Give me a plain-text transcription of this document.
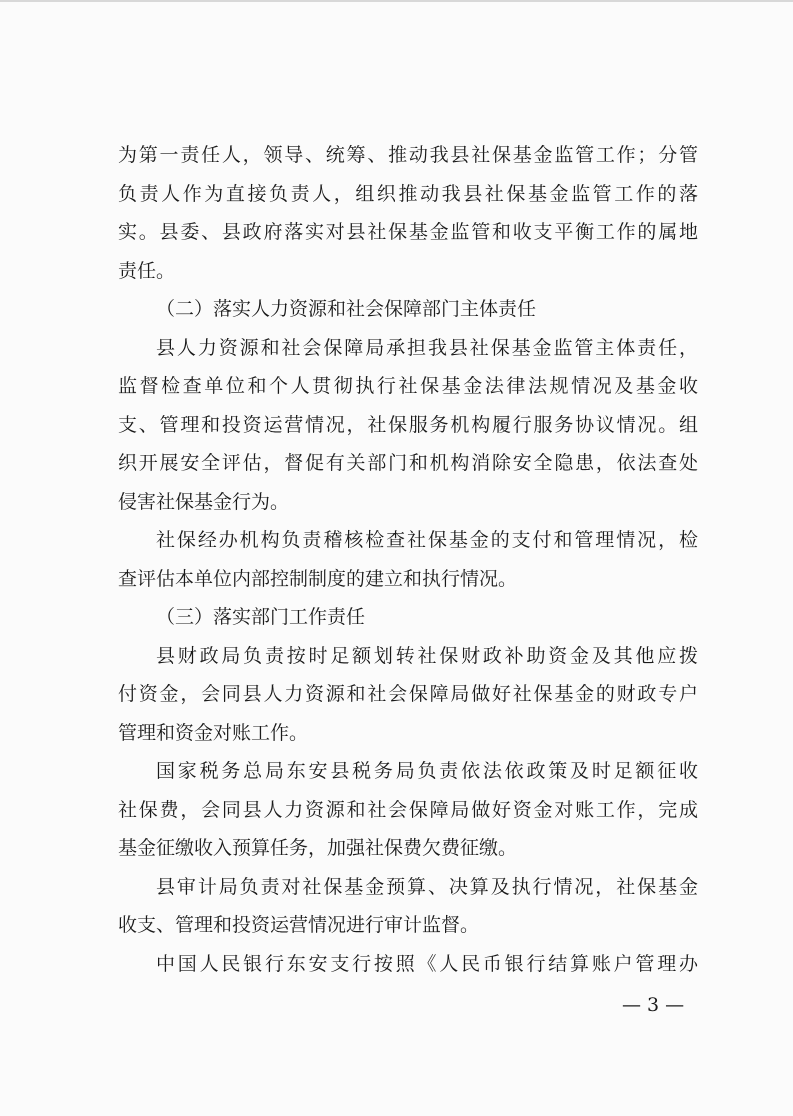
为第一责任人，领导、统筹、推动我县社保基金监管工作；分管
负责人作为直接负责人，组织推动我县社保基金监管工作的落
实。县委、县政府落实对县社保基金监管和收支平衡工作的属地
责任。
（二）落实人力资源和社会保障部门主体责任
县人力资源和社会保障局承担我县社保基金监管主体责任，
监督检查单位和个人贯彻执行社保基金法律法规情况及基金收
支、管理和投资运营情况，社保服务机构履行服务协议情况。组
织开展安全评估，督促有关部门和机构消除安全隐患，依法查处
侵害社保基金行为。
社保经办机构负责稽核检查社保基金的支付和管理情况，检
查评估本单位内部控制制度的建立和执行情况。
（三）落实部门工作责任
县财政局负责按时足额划转社保财政补助资金及其他应拨
付资金，会同县人力资源和社会保障局做好社保基金的财政专户
管理和资金对账工作。
国家税务总局东安县税务局负责依法依政策及时足额征收
社保费，会同县人力资源和社会保障局做好资金对账工作，完成
基金征缴收入预算任务，加强社保费欠费征缴。
县审计局负责对社保基金预算、决算及执行情况，社保基金
收支、管理和投资运营情况进行审计监督。
中国人民银行东安支行按照《人民币银行结算账户管理办
— 3 —
